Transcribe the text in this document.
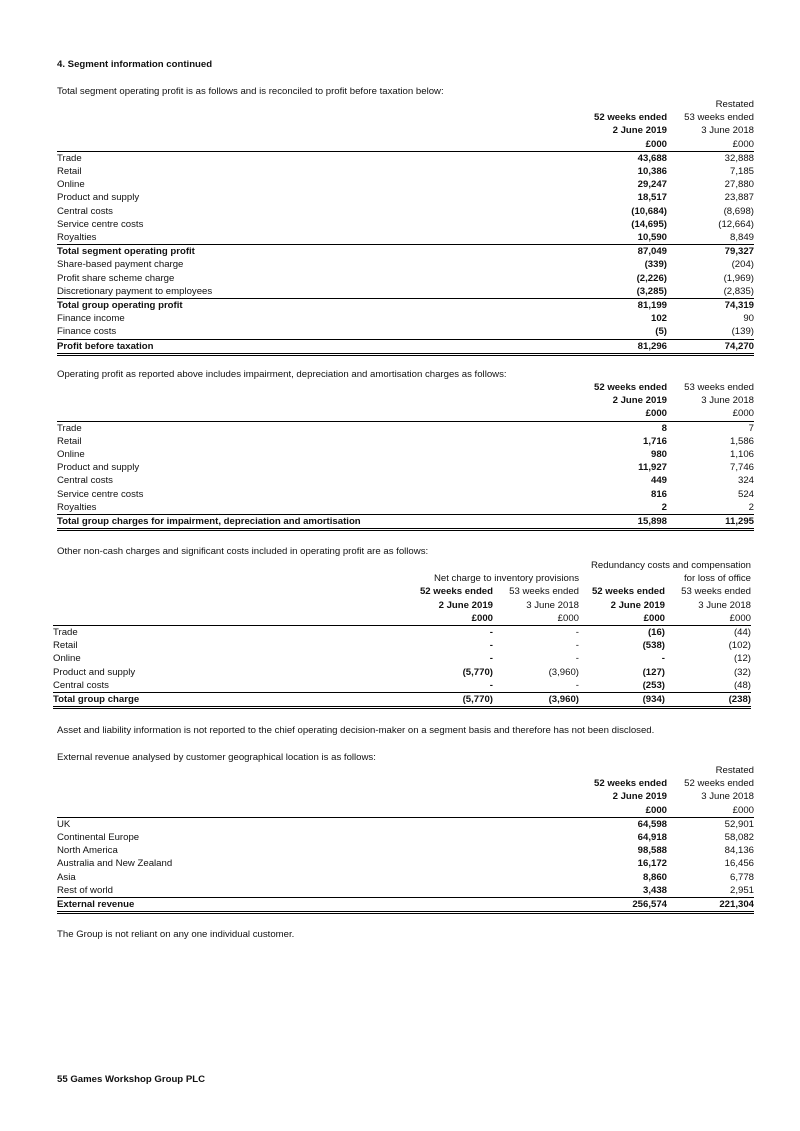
4. Segment information continued
Total segment operating profit is as follows and is reconciled to profit before taxation below:
		Restated
	52 weeks ended	53 weeks ended
	2 June 2019	3 June 2018
	£000	£000
Trade	43,688	32,888
Retail	10,386	7,185
Online	29,247	27,880
Product and supply	18,517	23,887
Central costs	(10,684)	(8,698)
Service centre costs	(14,695)	(12,664)
Royalties	10,590	8,849
Total segment operating profit	87,049	79,327
Share-based payment charge	(339)	(204)
Profit share scheme charge	(2,226)	(1,969)
Discretionary payment to employees	(3,285)	(2,835)
Total group operating profit	81,199	74,319
Finance income	102	90
Finance costs	(5)	(139)
Profit before taxation	81,296	74,270
Operating profit as reported above includes impairment, depreciation and amortisation charges as follows:
	52 weeks ended	53 weeks ended
	2 June 2019	3 June 2018
	£000	£000
Trade	8	7
Retail	1,716	1,586
Online	980	1,106
Product and supply	11,927	7,746
Central costs	449	324
Service centre costs	816	524
Royalties	2	2
Total group charges for impairment, depreciation and amortisation	15,898	11,295
Other non-cash charges and significant costs included in operating profit are as follows:
			Redundancy costs and compensation	
	Net charge to inventory provisions			for loss of office
	52 weeks ended	53 weeks ended	52 weeks ended	53 weeks ended
	2 June 2019	3 June 2018	2 June 2019	3 June 2018
	£000	£000	£000	£000
Trade	-	-	(16)	(44)
Retail	-	-	(538)	(102)
Online	-	-	-	(12)
Product and supply	(5,770)	(3,960)	(127)	(32)
Central costs	-	-	(253)	(48)
Total group charge	(5,770)	(3,960)	(934)	(238)
Asset and liability information is not reported to the chief operating decision-maker on a segment basis and therefore has not been disclosed.
External revenue analysed by customer geographical location is as follows:
		Restated
	52 weeks ended	52 weeks ended
	2 June 2019	3 June 2018
	£000	£000
UK	64,598	52,901
Continental Europe	64,918	58,082
North America	98,588	84,136
Australia and New Zealand	16,172	16,456
Asia	8,860	6,778
Rest of world	3,438	2,951
External revenue	256,574	221,304
The Group is not reliant on any one individual customer.
55 Games Workshop Group PLC
